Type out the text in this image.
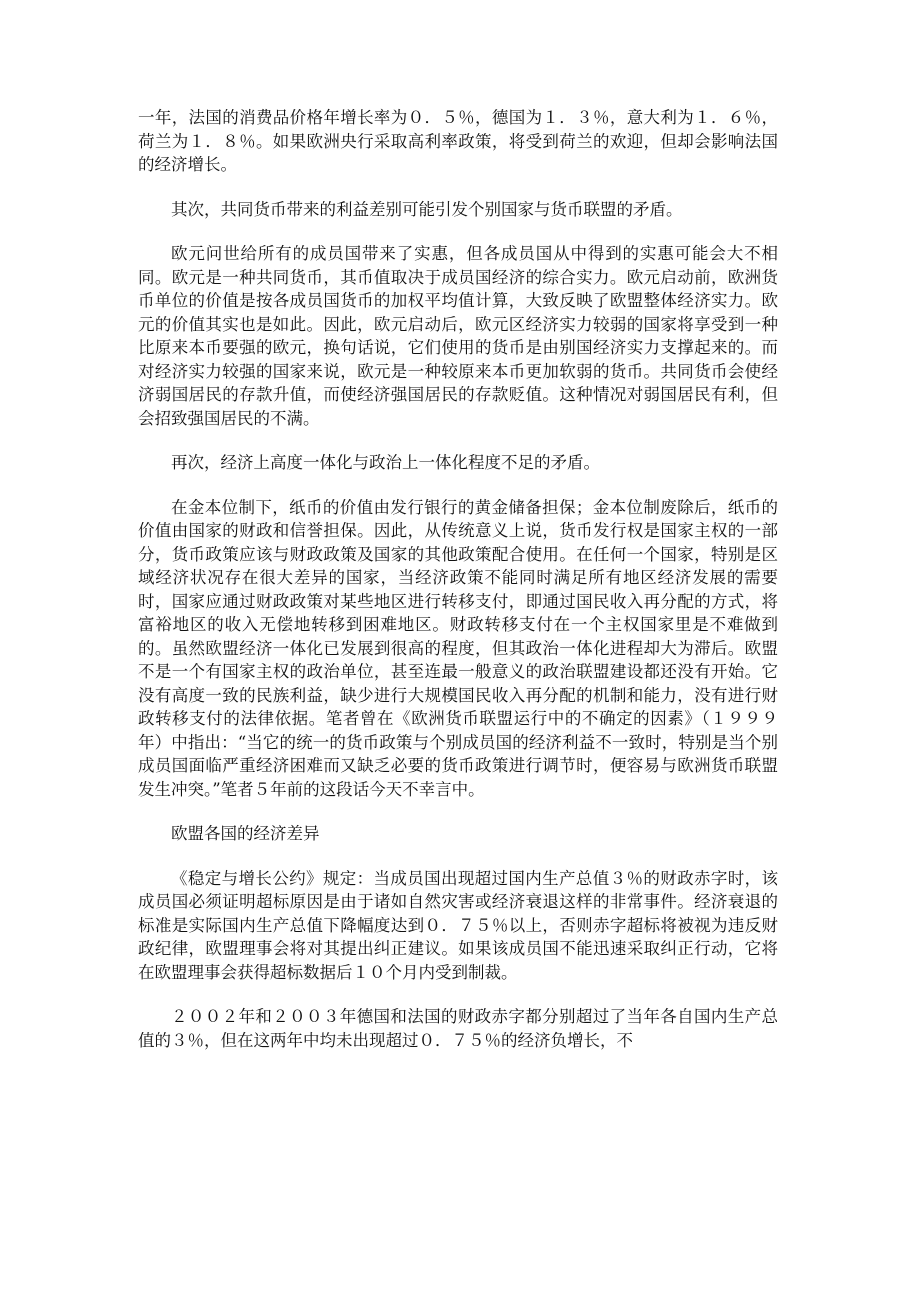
一年，法国的消费品价格年增长率为０．５％，德国为１．３％，意大利为１．６％，荷兰为１．８％。如果欧洲央行采取高利率政策，将受到荷兰的欢迎，但却会影响法国的经济增长。

其次，共同货币带来的利益差别可能引发个别国家与货币联盟的矛盾。

欧元问世给所有的成员国带来了实惠，但各成员国从中得到的实惠可能会大不相同。欧元是一种共同货币，其币值取决于成员国经济的综合实力。欧元启动前，欧洲货币单位的价值是按各成员国货币的加权平均值计算，大致反映了欧盟整体经济实力。欧元的价值其实也是如此。因此，欧元启动后，欧元区经济实力较弱的国家将享受到一种比原来本币要强的欧元，换句话说，它们使用的货币是由别国经济实力支撑起来的。而对经济实力较强的国家来说，欧元是一种较原来本币更加软弱的货币。共同货币会使经济弱国居民的存款升值，而使经济强国居民的存款贬值。这种情况对弱国居民有利，但会招致强国居民的不满。

再次，经济上高度一体化与政治上一体化程度不足的矛盾。

在金本位制下，纸币的价值由发行银行的黄金储备担保；金本位制废除后，纸币的价值由国家的财政和信誉担保。因此，从传统意义上说，货币发行权是国家主权的一部分，货币政策应该与财政政策及国家的其他政策配合使用。在任何一个国家，特别是区域经济状况存在很大差异的国家，当经济政策不能同时满足所有地区经济发展的需要时，国家应通过财政政策对某些地区进行转移支付，即通过国民收入再分配的方式，将富裕地区的收入无偿地转移到困难地区。财政转移支付在一个主权国家里是不难做到的。虽然欧盟经济一体化已发展到很高的程度，但其政治一体化进程却大为滞后。欧盟不是一个有国家主权的政治单位，甚至连最一般意义的政治联盟建设都还没有开始。它没有高度一致的民族利益，缺少进行大规模国民收入再分配的机制和能力，没有进行财政转移支付的法律依据。笔者曾在《欧洲货币联盟运行中的不确定的因素》（１９９９年）中指出：“当它的统一的货币政策与个别成员国的经济利益不一致时，特别是当个别成员国面临严重经济困难而又缺乏必要的货币政策进行调节时，便容易与欧洲货币联盟发生冲突。”笔者５年前的这段话今天不幸言中。

欧盟各国的经济差异

《稳定与增长公约》规定：当成员国出现超过国内生产总值３％的财政赤字时，该成员国必须证明超标原因是由于诸如自然灾害或经济衰退这样的非常事件。经济衰退的标准是实际国内生产总值下降幅度达到０．７５％以上，否则赤字超标将被视为违反财政纪律，欧盟理事会将对其提出纠正建议。如果该成员国不能迅速采取纠正行动，它将在欧盟理事会获得超标数据后１０个月内受到制裁。

２００２年和２００３年德国和法国的财政赤字都分别超过了当年各自国内生产总值的３％，但在这两年中均未出现超过０．７５％的经济负增长，不
